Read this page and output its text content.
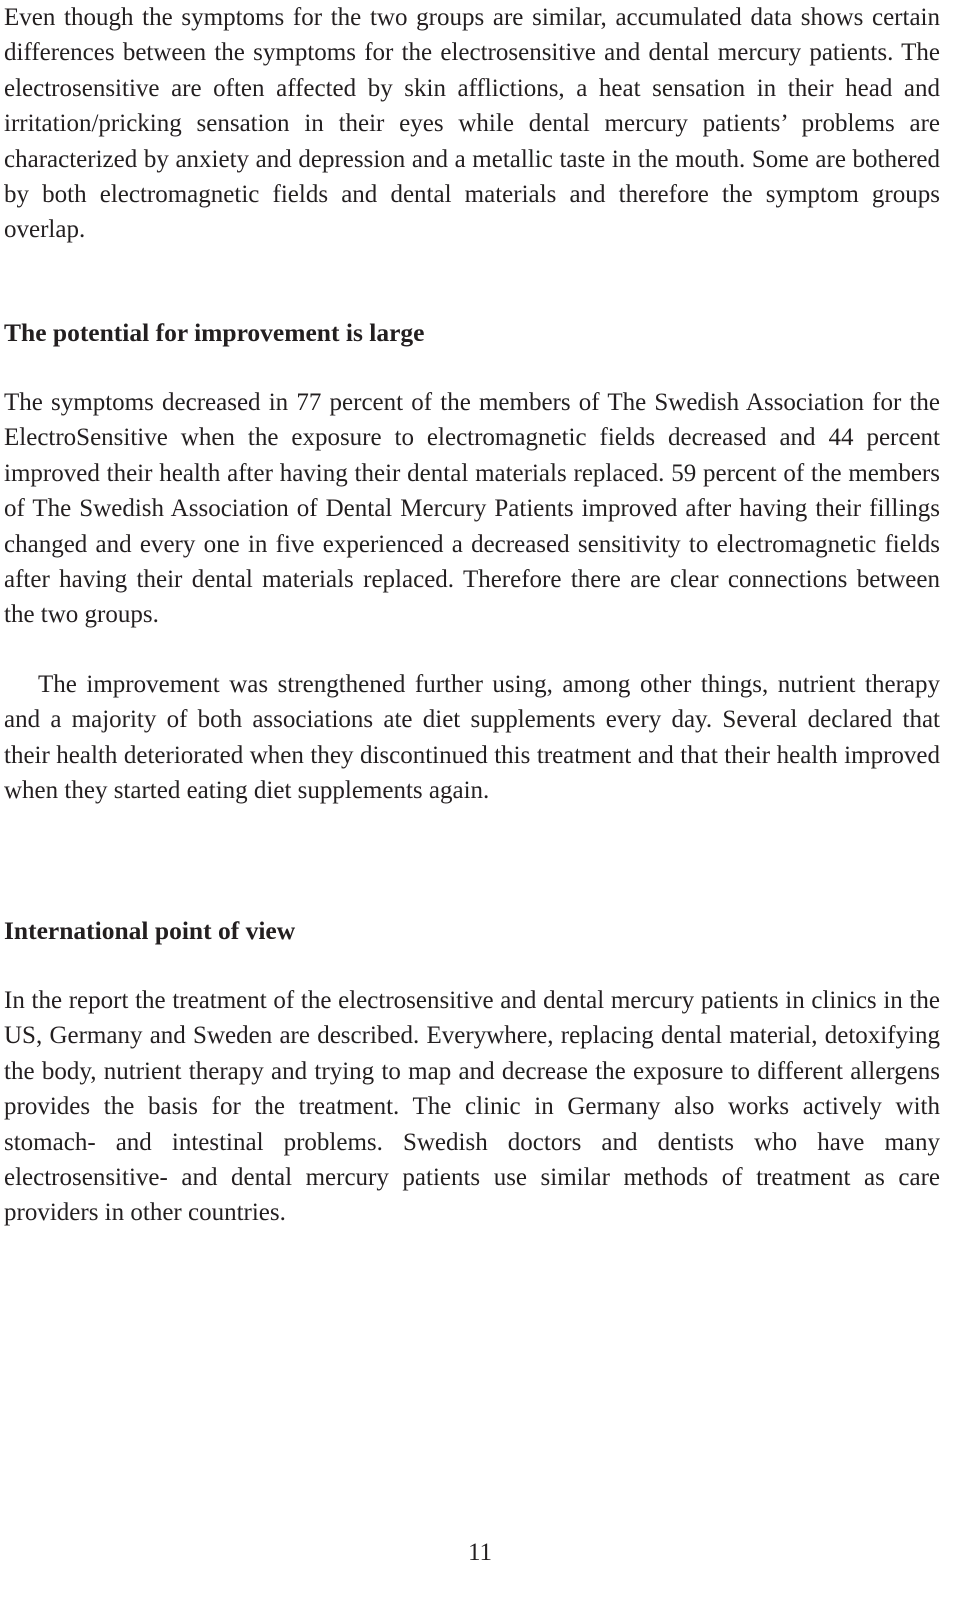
Even though the symptoms for the two groups are similar, accumulated data shows certain differences between the symptoms for the electrosensitive and dental mercury patients. The electrosensitive are often affected by skin afflictions, a heat sensation in their head and irritation/pricking sensation in their eyes while dental mercury patients’ problems are characterized by anxiety and depression and a metallic taste in the mouth. Some are bothered by both electromagnetic fields and dental materials and therefore the symptom groups overlap.

The potential for improvement is large

The symptoms decreased in 77 percent of the members of The Swedish Association for the ElectroSensitive when the exposure to electromagnetic fields decreased and 44 percent improved their health after having their dental materials replaced. 59 percent of the members of The Swedish Association of Dental Mercury Patients improved after having their fillings changed and every one in five experienced a decreased sensitivity to electromagnetic fields after having their dental materials replaced. Therefore there are clear connections between the two groups.

The improvement was strengthened further using, among other things, nutrient therapy and a majority of both associations ate diet supplements every day. Several declared that their health deteriorated when they discontinued this treatment and that their health improved when they started eating diet supplements again.

International point of view

In the report the treatment of the electrosensitive and dental mercury patients in clinics in the US, Germany and Sweden are described. Everywhere, replacing dental material, detoxifying the body, nutrient therapy and trying to map and decrease the exposure to different allergens provides the basis for the treatment. The clinic in Germany also works actively with stomach- and intestinal problems. Swedish doctors and dentists who have many electrosensitive- and dental mercury patients use similar methods of treatment as care providers in other countries.

11
